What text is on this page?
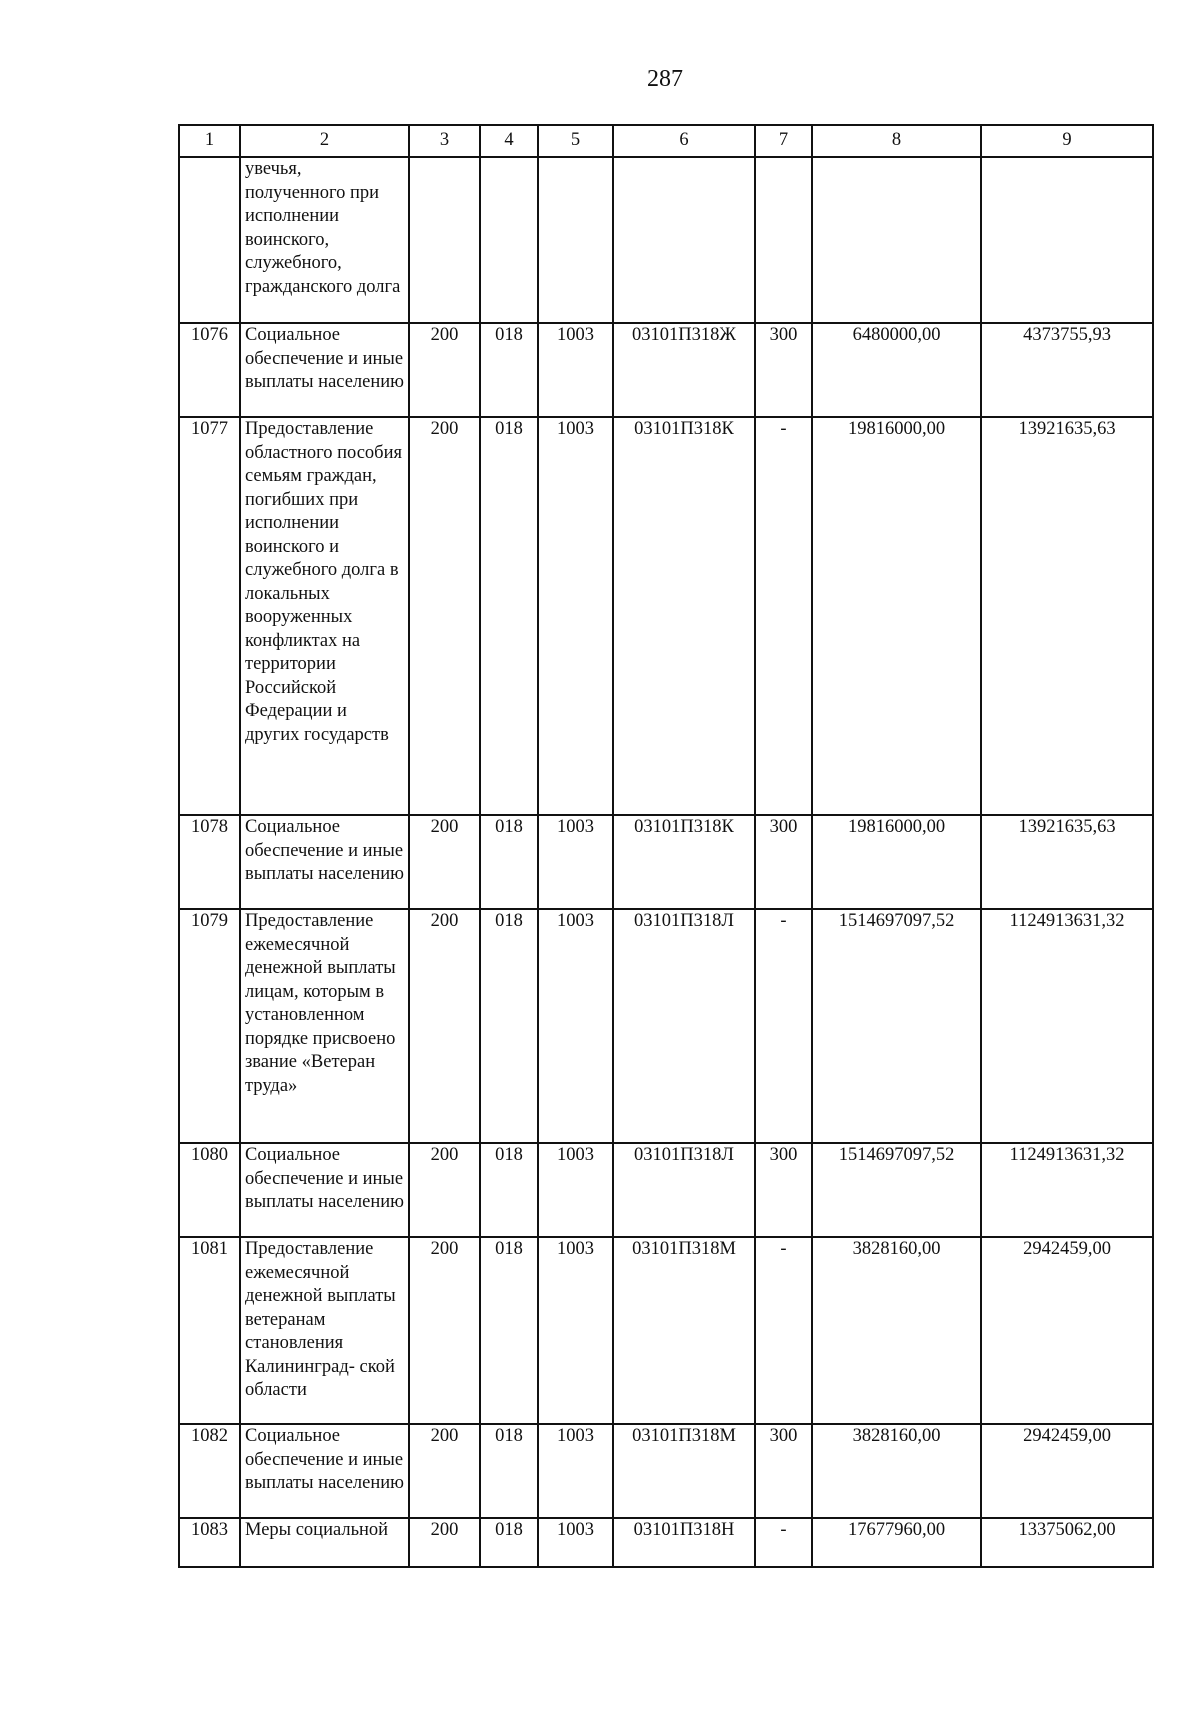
287
1	2	3	4	5	6	7	8	9
	увечья, полученного при исполнении воинского, служебного, гражданского долга							
1076	Социальное обеспечение и иные выплаты населению	200	018	1003	03101П318Ж	300	6480000,00	4373755,93
1077	Предоставление областного пособия семьям граждан, погибших при исполнении воинского и служебного долга в локальных вооруженных конфликтах на территории Российской Федерации и других государств	200	018	1003	03101П318К	-	19816000,00	13921635,63
1078	Социальное обеспечение и иные выплаты населению	200	018	1003	03101П318К	300	19816000,00	13921635,63
1079	Предоставление ежемесячной денежной выплаты лицам, которым в установленном порядке присвоено звание «Ветеран труда»	200	018	1003	03101П318Л	-	1514697097,52	1124913631,32
1080	Социальное обеспечение и иные выплаты населению	200	018	1003	03101П318Л	300	1514697097,52	1124913631,32
1081	Предоставление ежемесячной денежной выплаты ветеранам становления Калининград- ской области	200	018	1003	03101П318М	-	3828160,00	2942459,00
1082	Социальное обеспечение и иные выплаты населению	200	018	1003	03101П318М	300	3828160,00	2942459,00
1083	Меры социальной	200	018	1003	03101П318Н	-	17677960,00	13375062,00
